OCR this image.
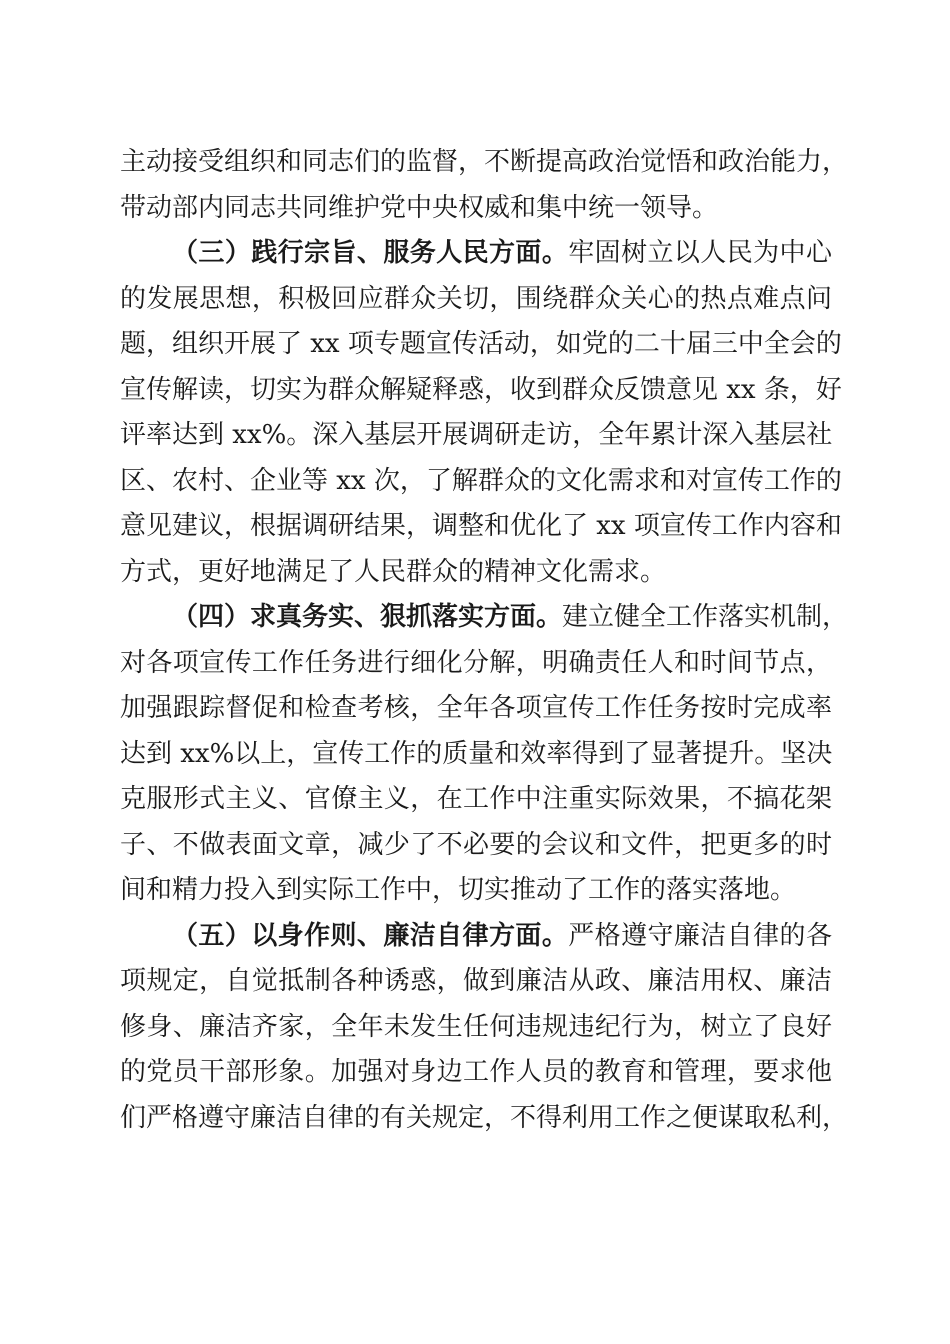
主动接受组织和同志们的监督，不断提高政治觉悟和政治能力，
带动部内同志共同维护党中央权威和集中统一领导。
（三）践行宗旨、服务人民方面。牢固树立以人民为中心
的发展思想，积极回应群众关切，围绕群众关心的热点难点问
题，组织开展了 xx 项专题宣传活动，如党的二十届三中全会的
宣传解读，切实为群众解疑释惑，收到群众反馈意见 xx 条，好
评率达到 xx%。深入基层开展调研走访，全年累计深入基层社
区、农村、企业等 xx 次，了解群众的文化需求和对宣传工作的
意见建议，根据调研结果，调整和优化了 xx 项宣传工作内容和
方式，更好地满足了人民群众的精神文化需求。
（四）求真务实、狠抓落实方面。建立健全工作落实机制，
对各项宣传工作任务进行细化分解，明确责任人和时间节点，
加强跟踪督促和检查考核，全年各项宣传工作任务按时完成率
达到 xx%以上，宣传工作的质量和效率得到了显著提升。坚决
克服形式主义、官僚主义，在工作中注重实际效果，不搞花架
子、不做表面文章，减少了不必要的会议和文件，把更多的时
间和精力投入到实际工作中，切实推动了工作的落实落地。
（五）以身作则、廉洁自律方面。严格遵守廉洁自律的各
项规定，自觉抵制各种诱惑，做到廉洁从政、廉洁用权、廉洁
修身、廉洁齐家，全年未发生任何违规违纪行为，树立了良好
的党员干部形象。加强对身边工作人员的教育和管理，要求他
们严格遵守廉洁自律的有关规定，不得利用工作之便谋取私利，
